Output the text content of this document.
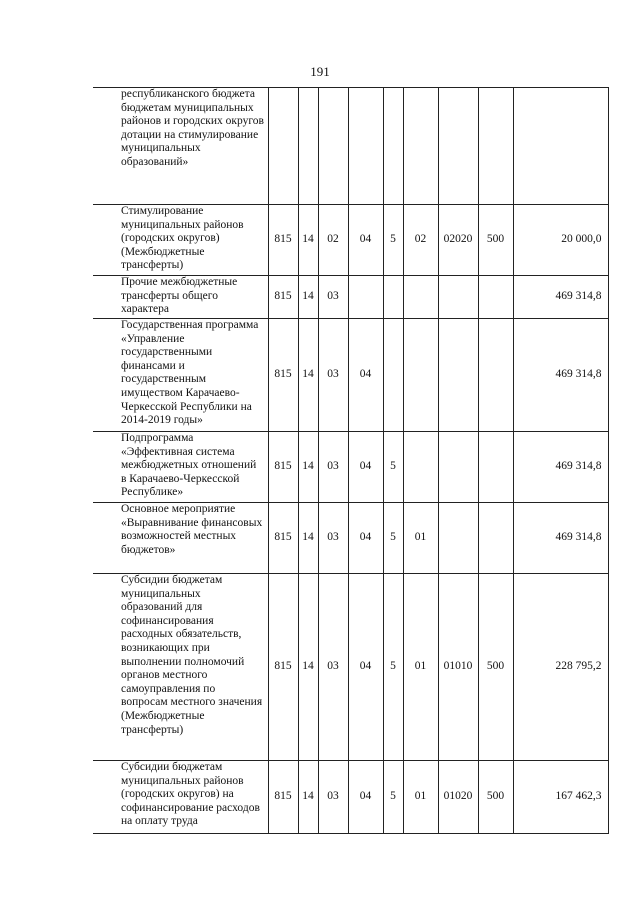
191
республиканского бюджета бюджетам муниципальных районов и городских округов дотации на стимулирование муниципальных образований»									
Стимулирование муниципальных районов (городских округов) (Межбюджетные трансферты)	815	14	02	04	5	02	02020	500	20 000,0
Прочие межбюджетные трансферты общего характера	815	14	03						469 314,8
Государственная программа «Управление государственными финансами и государственным имуществом Карачаево-Черкесской Республики на 2014-2019 годы»	815	14	03	04					469 314,8
Подпрограмма «Эффективная система межбюджетных отношений в Карачаево-Черкесской Республике»	815	14	03	04	5				469 314,8
Основное мероприятие «Выравнивание финансовых возможностей местных бюджетов»	815	14	03	04	5	01			469 314,8
Субсидии бюджетам муниципальных образований для софинансирования расходных обязательств, возникающих при выполнении полномочий органов местного самоуправления по вопросам местного значения (Межбюджетные трансферты)	815	14	03	04	5	01	01010	500	228 795,2
Субсидии бюджетам муниципальных районов (городских округов) на софинансирование расходов на оплату труда	815	14	03	04	5	01	01020	500	167 462,3
